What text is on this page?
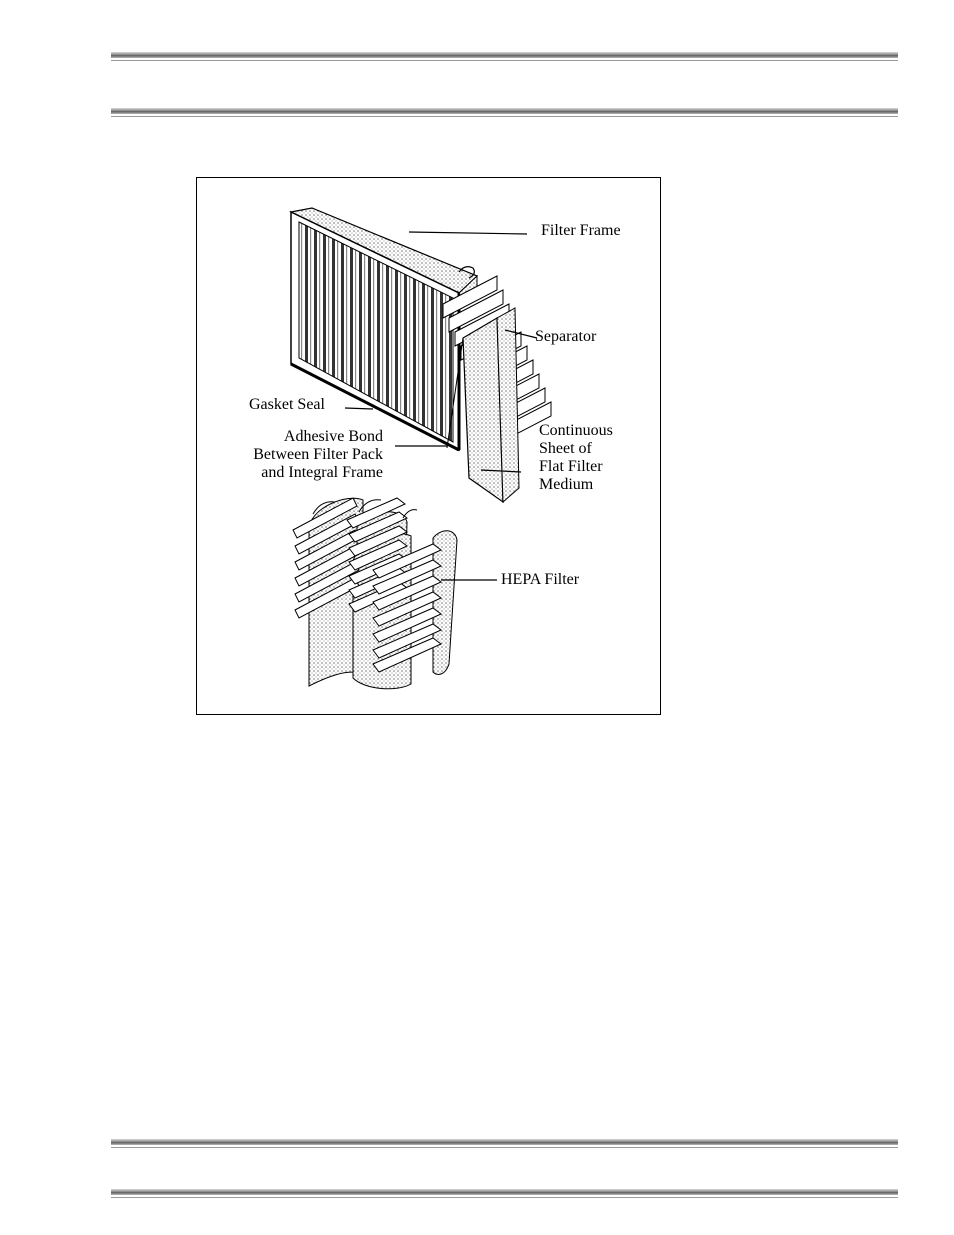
Filter Frame
Separator
Gasket Seal
Adhesive Bond
Between Filter Pack
and Integral Frame
Continuous
Sheet of
Flat Filter
Medium
HEPA Filter
